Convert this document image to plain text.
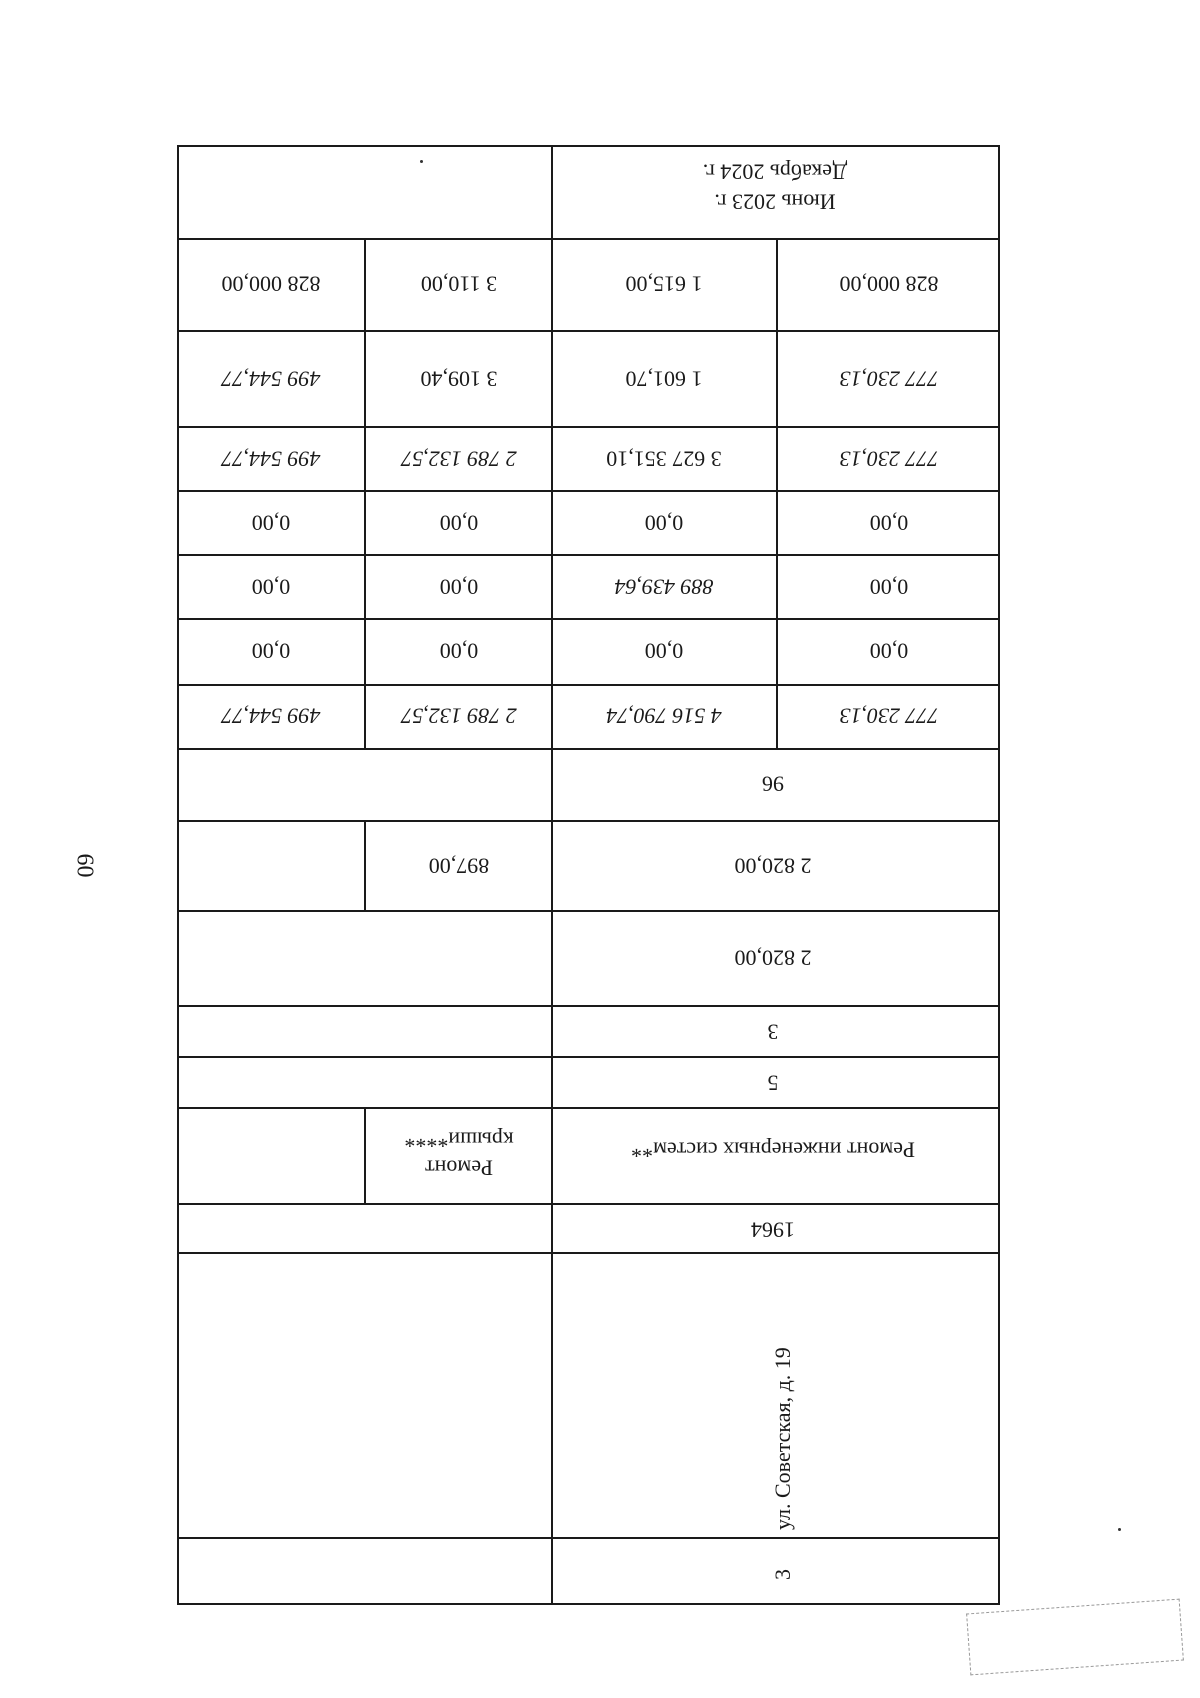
60
Декабрь 2024 г.
Июнь 2023 г.
828 000,00
1 615,00
3 110,00
828 000,00
777 230,13
1 601,70
3 109,40
499 544,77
777 230,13
3 627 351,10
2 789 132,57
499 544,77
0,00
0,00
0,00
0,00
0,00
889 439,64
0,00
0,00
0,00
0,00
0,00
0,00
777 230,13
4 516 790,74
2 789 132,57
499 544,77
96
2 820,00
897,00
2 820,00
3
5
Ремонт инженерных систем**
Ремонт
крыши****
1964
ул. Советская, д. 19
3
